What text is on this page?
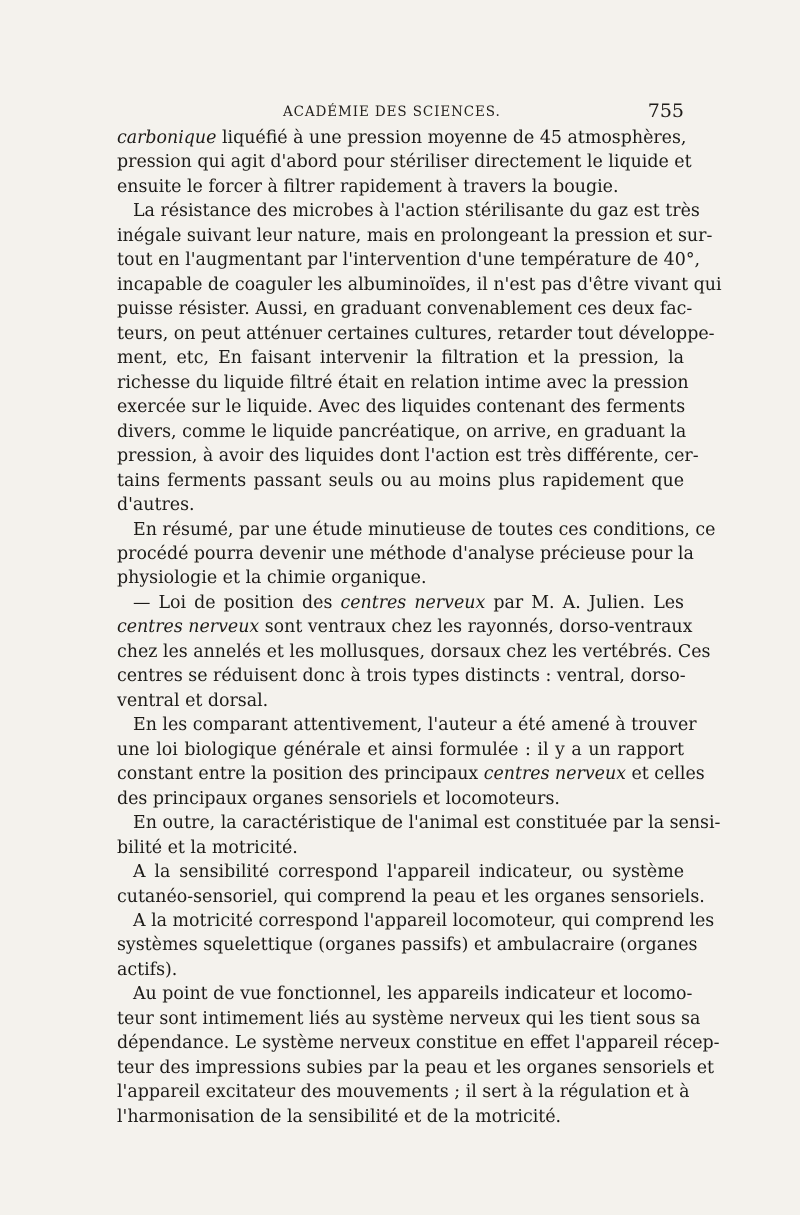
ACADÉMIE DES SCIENCES.	755
carbonique liquéfié à une pression moyenne de 45 atmosphères,
pression qui agit d'abord pour stériliser directement le liquide et
ensuite le forcer à filtrer rapidement à travers la bougie.
La résistance des microbes à l'action stérilisante du gaz est très
inégale suivant leur nature, mais en prolongeant la pression et sur-
tout en l'augmentant par l'intervention d'une température de 40°,
incapable de coaguler les albuminoïdes, il n'est pas d'être vivant qui
puisse résister. Aussi, en graduant convenablement ces deux fac-
teurs, on peut atténuer certaines cultures, retarder tout développe-
ment, etc, En faisant intervenir la filtration et la pression, la
richesse du liquide filtré était en relation intime avec la pression
exercée sur le liquide. Avec des liquides contenant des ferments
divers, comme le liquide pancréatique, on arrive, en graduant la
pression, à avoir des liquides dont l'action est très différente, cer-
tains ferments passant seuls ou au moins plus rapidement que
d'autres.
En résumé, par une étude minutieuse de toutes ces conditions, ce
procédé pourra devenir une méthode d'analyse précieuse pour la
physiologie et la chimie organique.
— Loi de position des centres nerveux par M. A. Julien. Les
centres nerveux sont ventraux chez les rayonnés, dorso-ventraux
chez les annelés et les mollusques, dorsaux chez les vertébrés. Ces
centres se réduisent donc à trois types distincts : ventral, dorso-
ventral et dorsal.
En les comparant attentivement, l'auteur a été amené à trouver
une loi biologique générale et ainsi formulée : il y a un rapport
constant entre la position des principaux centres nerveux et celles
des principaux organes sensoriels et locomoteurs.
En outre, la caractéristique de l'animal est constituée par la sensi-
bilité et la motricité.
A la sensibilité correspond l'appareil indicateur, ou système
cutanéo-sensoriel, qui comprend la peau et les organes sensoriels.
A la motricité correspond l'appareil locomoteur, qui comprend les
systèmes squelettique (organes passifs) et ambulacraire (organes
actifs).
Au point de vue fonctionnel, les appareils indicateur et locomo-
teur sont intimement liés au système nerveux qui les tient sous sa
dépendance. Le système nerveux constitue en effet l'appareil récep-
teur des impressions subies par la peau et les organes sensoriels et
l'appareil excitateur des mouvements ; il sert à la régulation et à
l'harmonisation de la sensibilité et de la motricité.
